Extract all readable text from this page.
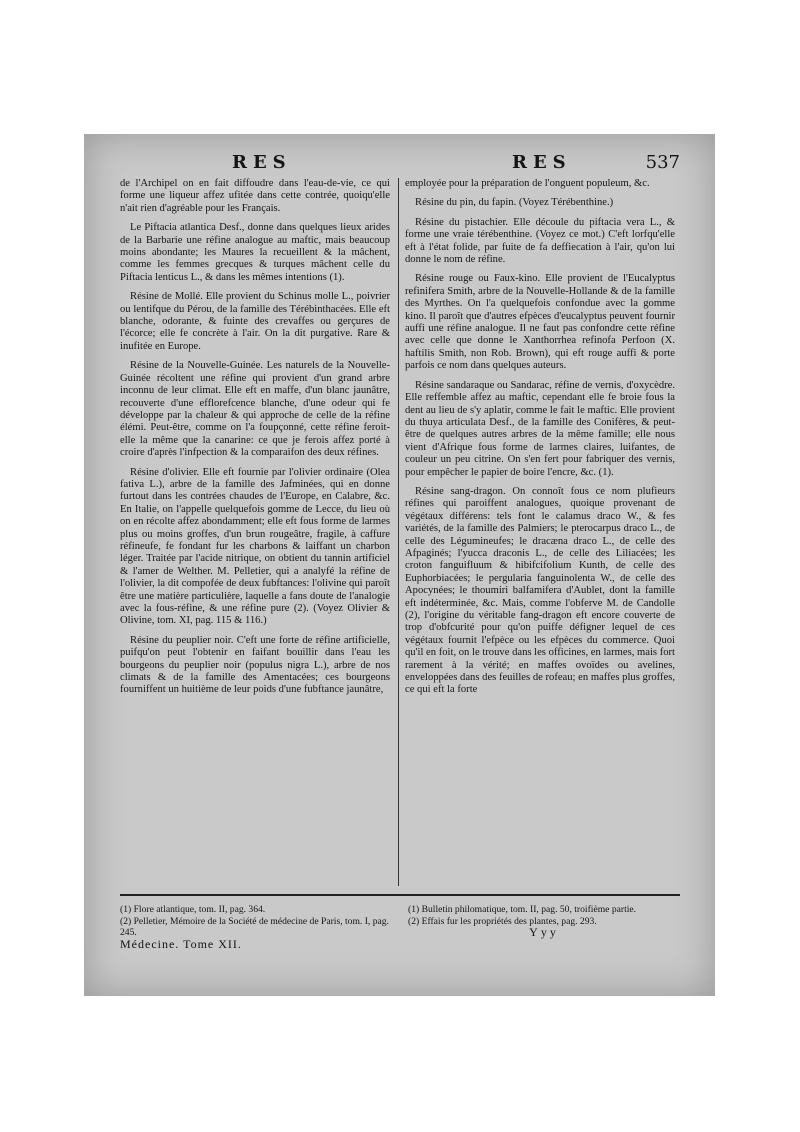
RES	RES	537

de l'Archipel on en fait diffoudre dans l'eau-de-vie, ce qui forme une liqueur affez ufitée dans cette contrée, quoiqu'elle n'ait rien d'agréable pour les Français.

Le Piftacia atlantica Desf., donne dans quelques lieux arides de la Barbarie une réfine analogue au maftic, mais beaucoup moins abondante; les Maures la recueillent & la mâchent, comme les femmes grecques & turques mâchent celle du Piftacia lenticus L., & dans les mêmes intentions (1).

Résine de Mollé. Elle provient du Schinus molle L., poivrier ou lentifque du Pérou, de la famille des Térébinthacées. Elle eft blanche, odorante, & fuinte des crevaffes ou gerçures de l'écorce; elle fe concrète à l'air. On la dit purgative. Rare & inufitée en Europe.

Résine de la Nouvelle-Guinée. Les naturels de la Nouvelle-Guinée récoltent une réfine qui provient d'un grand arbre inconnu de leur climat. Elle eft en maffe, d'un blanc jaunâtre, recouverte d'une efflorefcence blanche, d'une odeur qui fe développe par la chaleur & qui approche de celle de la réfine élémi. Peut-être, comme on l'a foupçonné, cette réfine feroit-elle la même que la canarine: ce que je ferois affez porté à croire d'après l'infpection & la comparaifon des deux réfines.

Résine d'olivier. Elle eft fournie par l'olivier ordinaire (Olea fativa L.), arbre de la famille des Jafminées, qui en donne furtout dans les contrées chaudes de l'Europe, en Calabre, &c. En Italie, on l'appelle quelquefois gomme de Lecce, du lieu où on en récolte affez abondamment; elle eft fous forme de larmes plus ou moins groffes, d'un brun rougeâtre, fragile, à caffure réfineufe, fe fondant fur les charbons & laiffant un charbon léger. Traitée par l'acide nitrique, on obtient du tannin artificiel & l'amer de Welther. M. Pelletier, qui a analyfé la réfine de l'olivier, la dit compofée de deux fubftances: l'olivine qui paroît être une matière particulière, laquelle a fans doute de l'analogie avec la fous-réfine, & une réfine pure (2). (Voyez Olivier & Olivine, tom. XI, pag. 115 & 116.)

Résine du peuplier noir. C'eft une forte de réfine artificielle, puifqu'on peut l'obtenir en faifant bouillir dans l'eau les bourgeons du peuplier noir (populus nigra L.), arbre de nos climats & de la famille des Amentacées; ces bourgeons fourniffent un huitième de leur poids d'une fubftance jaunâtre,

employée pour la préparation de l'onguent populeum, &c.

Résine du pin, du fapin. (Voyez Térébenthine.)

Résine du pistachier. Elle découle du piftacia vera L., & forme une vraie térébenthine. (Voyez ce mot.) C'eft lorfqu'elle eft à l'état folide, par fuite de fa deffiecation à l'air, qu'on lui donne le nom de réfine.

Résine rouge ou Faux-kino. Elle provient de l'Eucalyptus refinifera Smith, arbre de la Nouvelle-Hollande & de la famille des Myrthes. On l'a quelquefois confondue avec la gomme kino. Il paroît que d'autres efpèces d'eucalyptus peuvent fournir auffi une réfine analogue. Il ne faut pas confondre cette réfine avec celle que donne le Xanthorrhea refinofa Perfoon (X. haftilis Smith, non Rob. Brown), qui eft rouge auffi & porte parfois ce nom dans quelques auteurs.

Résine sandaraque ou Sandarac, réfine de vernis, d'oxycèdre. Elle reffemble affez au maftic, cependant elle fe broie fous la dent au lieu de s'y aplatir, comme le fait le maftic. Elle provient du thuya articulata Desf., de la famille des Conifères, & peut-être de quelques autres arbres de la même famille; elle nous vient d'Afrique fous forme de larmes claires, luifantes, de couleur un peu citrine. On s'en fert pour fabriquer des vernis, pour empêcher le papier de boire l'encre, &c. (1).

Résine sang-dragon. On connoît fous ce nom plufieurs réfines qui paroiffent analogues, quoique provenant de végétaux différens: tels font le calamus draco W., & fes variétés, de la famille des Palmiers; le pterocarpus draco L., de celle des Légumineufes; le dracæna draco L., de celle des Afpaginés; l'yucca draconis L., de celle des Liliacées; les croton fanguifluum & hibifcifolium Kunth, de celle des Euphorbiacées; le pergularia fanguinolenta W., de celle des Apocynées; le thoumiri balfamifera d'Aublet, dont la famille eft indéterminée, &c. Mais, comme l'obferve M. de Candolle (2), l'origine du véritable fang-dragon eft encore couverte de trop d'obfcurité pour qu'on puiffe défigner lequel de ces végétaux fournit l'efpèce ou les efpèces du commerce. Quoi qu'il en foit, on le trouve dans les officines, en larmes, mais fort rarement à la vérité; en maffes ovoïdes ou avelines, enveloppées dans des feuilles de rofeau; en maffes plus groffes, ce qui eft la forte

(1) Flore atlantique, tom. II, pag. 364.
(2) Pelletier, Mémoire de la Société de médecine de Paris, tom. I, pag. 245.
Médecine. Tome XII.
(1) Bulletin philomatique, tom. II, pag. 50, troifième partie.
(2) Effais fur les propriétés des plantes, pag. 293.
Yyy
